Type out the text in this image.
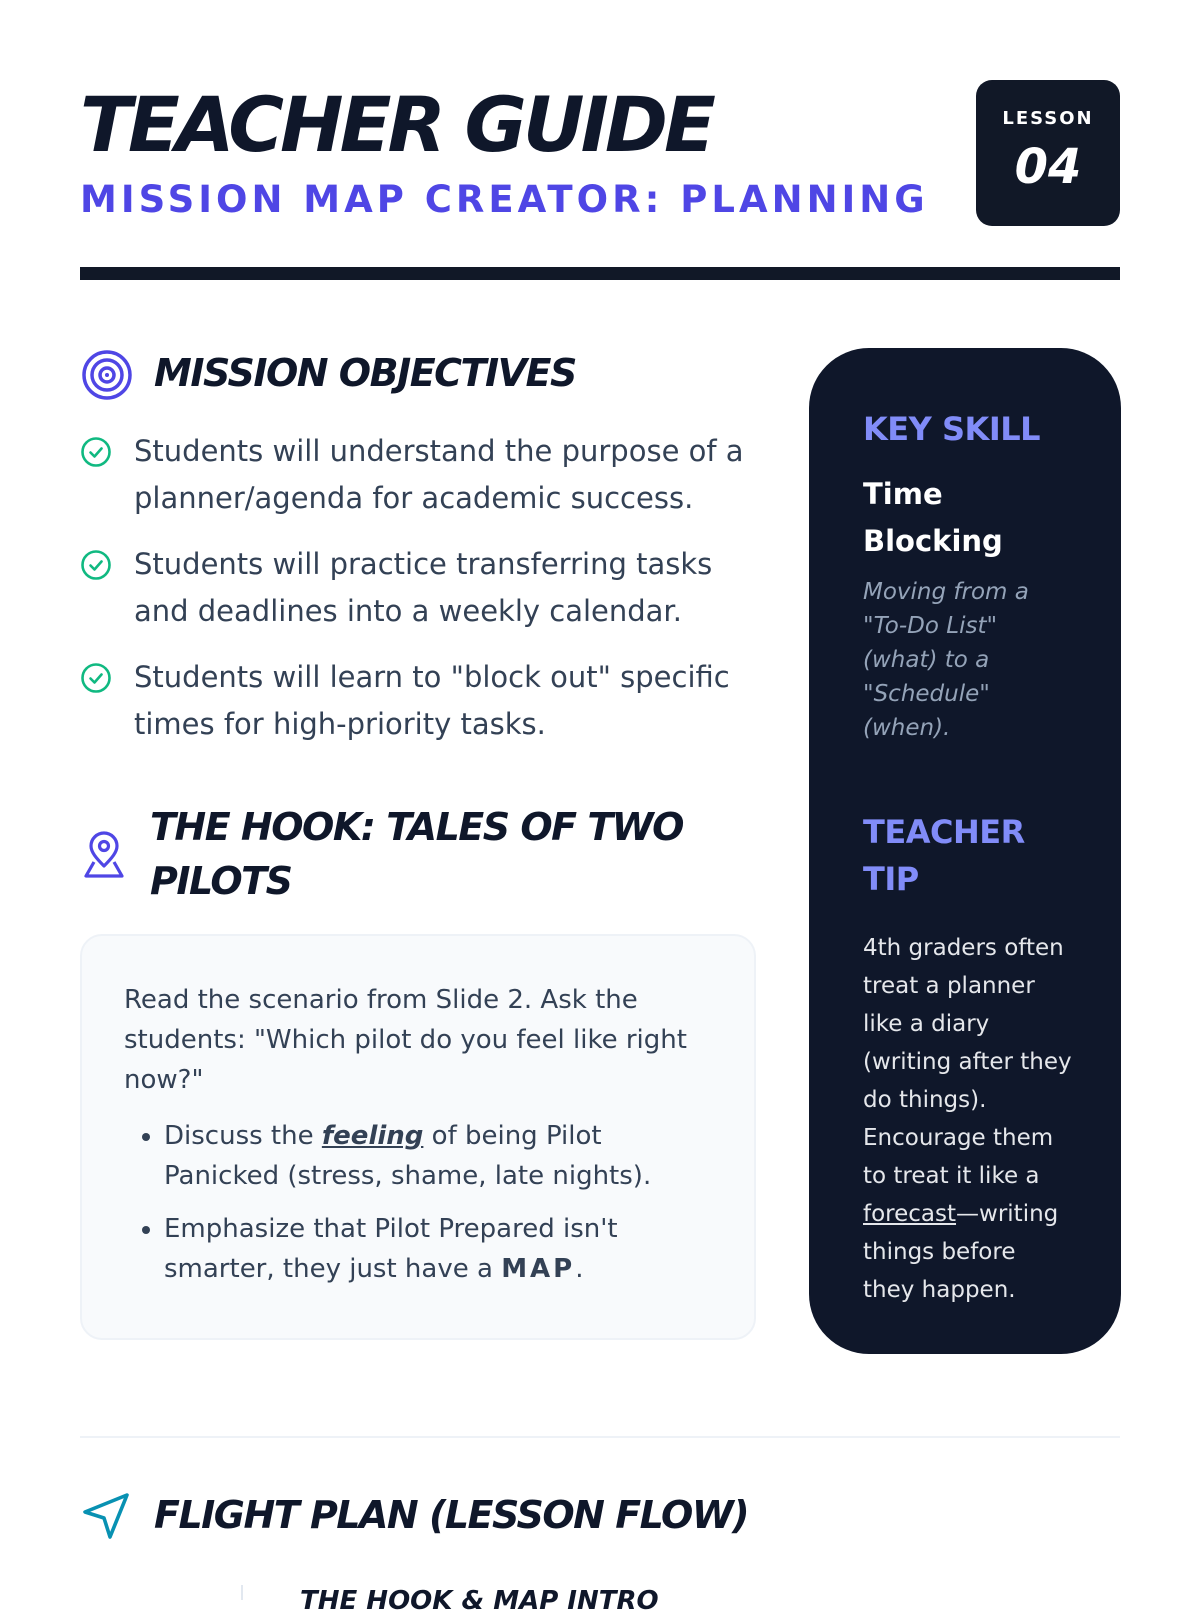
TEACHER GUIDE
MISSION MAP CREATOR: PLANNING
LESSON
04
MISSION OBJECTIVES
Students will understand the purpose of a planner/agenda for academic success.
Students will practice transferring tasks and deadlines into a weekly calendar.
Students will learn to "block out" specific times for high-priority tasks.
THE HOOK: TALES OF TWO PILOTS

Read the scenario from Slide 2. Ask the students: "Which pilot do you feel like right now?"

• Discuss the feeling of being Pilot Panicked (stress, shame, late nights).
• Emphasize that Pilot Prepared isn't smarter, they just have a MAP.
KEY SKILL
Time Blocking
Moving from a "To-Do List" (what) to a "Schedule" (when).
TEACHER TIP
4th graders often treat a planner like a diary (writing after they do things). Encourage them to treat it like a forecast—writing things before they happen.
FLIGHT PLAN (LESSON FLOW)
THE HOOK & MAP INTRO
